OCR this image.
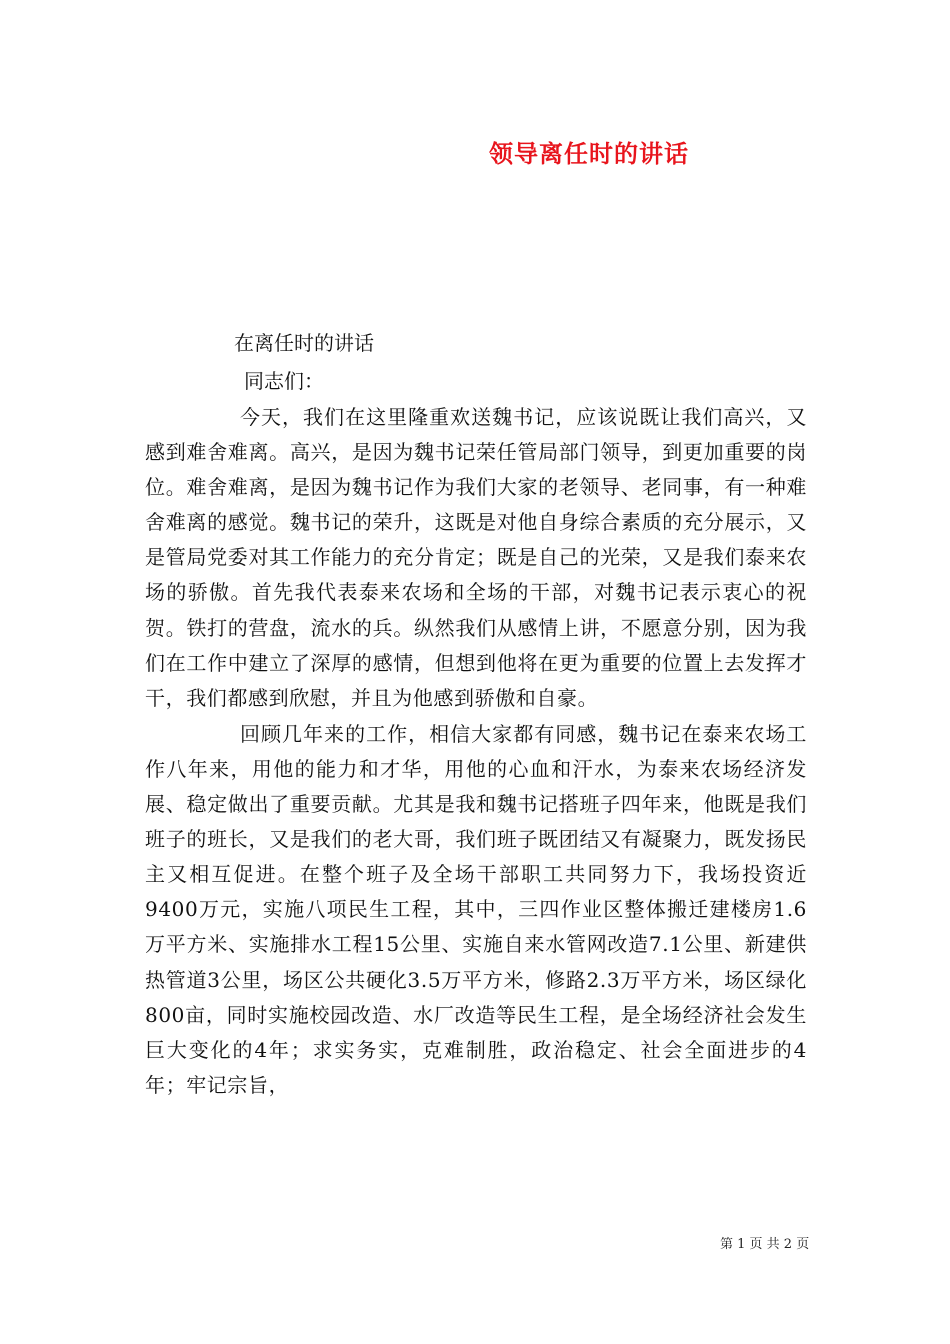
领导离任时的讲话
在离任时的讲话
同志们：

今天，我们在这里隆重欢送魏书记，应该说既让我们高兴，又感到难舍难离。高兴，是因为魏书记荣任管局部门领导，到更加重要的岗位。难舍难离，是因为魏书记作为我们大家的老领导、老同事，有一种难舍难离的感觉。魏书记的荣升，这既是对他自身综合素质的充分展示，又是管局党委对其工作能力的充分肯定；既是自己的光荣，又是我们泰来农场的骄傲。首先我代表泰来农场和全场的干部，对魏书记表示衷心的祝贺。铁打的营盘，流水的兵。纵然我们从感情上讲，不愿意分别，因为我们在工作中建立了深厚的感情，但想到他将在更为重要的位置上去发挥才干，我们都感到欣慰，并且为他感到骄傲和自豪。

回顾几年来的工作，相信大家都有同感，魏书记在泰来农场工作八年来，用他的能力和才华，用他的心血和汗水，为泰来农场经济发展、稳定做出了重要贡献。尤其是我和魏书记搭班子四年来，他既是我们班子的班长，又是我们的老大哥，我们班子既团结又有凝聚力，既发扬民主又相互促进。在整个班子及全场干部职工共同努力下，我场投资近9400万元，实施八项民生工程，其中，三四作业区整体搬迁建楼房1.6万平方米、实施排水工程15公里、实施自来水管网改造7.1公里、新建供热管道3公里，场区公共硬化3.5万平方米，修路2.3万平方米，场区绿化800亩，同时实施校园改造、水厂改造等民生工程，是全场经济社会发生巨大变化的4年；求实务实，克难制胜，政治稳定、社会全面进步的4年；牢记宗旨，

第 1 页 共 2 页
